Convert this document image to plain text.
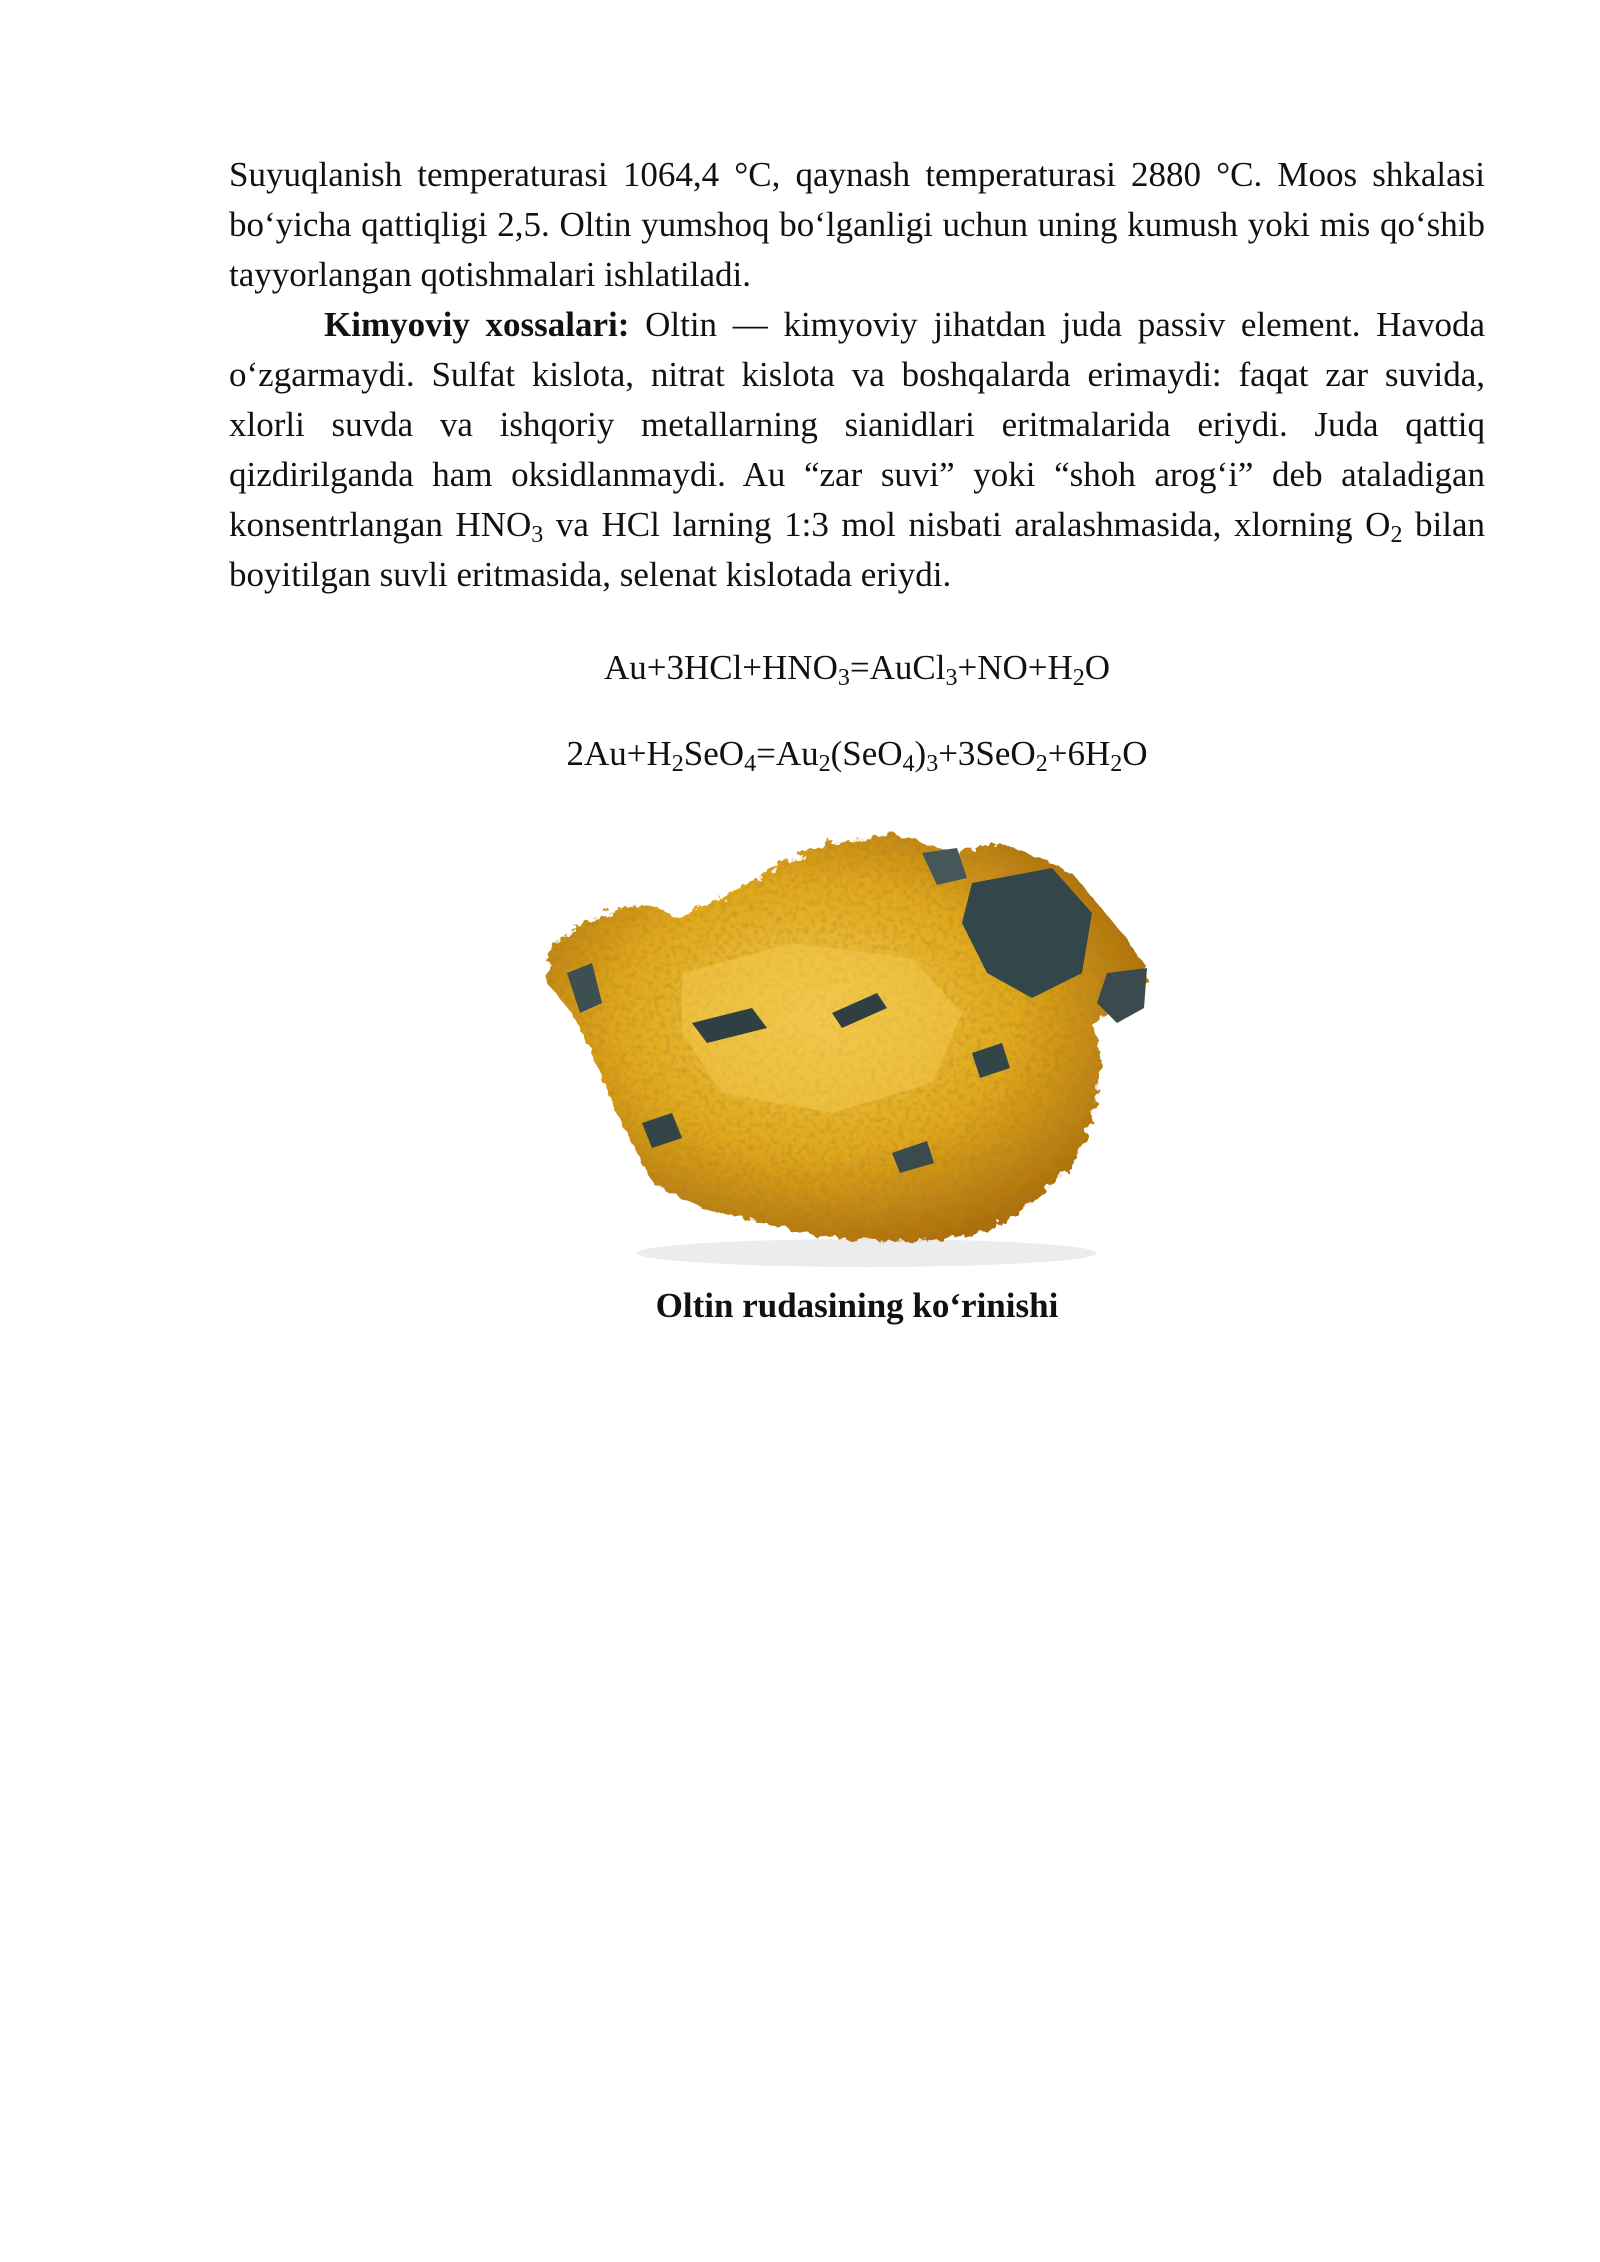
Suyuqlanish temperaturasi 1064,4 °C, qaynash temperaturasi 2880 °C. Moos shkalasi bo‘yicha qattiqligi 2,5. Oltin yumshoq bo‘lganligi uchun uning kumush yoki mis qo‘shib tayyorlangan qotishmalari ishlatiladi.

Kimyoviy xossalari: Oltin — kimyoviy jihatdan juda passiv element. Havoda o‘zgarmaydi. Sulfat kislota, nitrat kislota va boshqalarda erimaydi: faqat zar suvida, xlorli suvda va ishqoriy metallarning sianidlari eritmalarida eriydi. Juda qattiq qizdirilganda ham oksidlanmaydi. Au “zar suvi” yoki “shoh arog‘i” deb ataladigan konsentrlangan $HNO_3$ va HCl larning 1:3 mol nisbati aralashmasida, xlorning $O_2$ bilan boyitilgan suvli eritmasida, selenat kislotada eriydi.

$Au+3HCl+HNO_3=AuCl_3+NO+H_2O$

$2Au+H_2SeO_4=Au_2(SeO_4)_3+3SeO_2+6H_2O$

Oltin rudasining ko‘rinishi
